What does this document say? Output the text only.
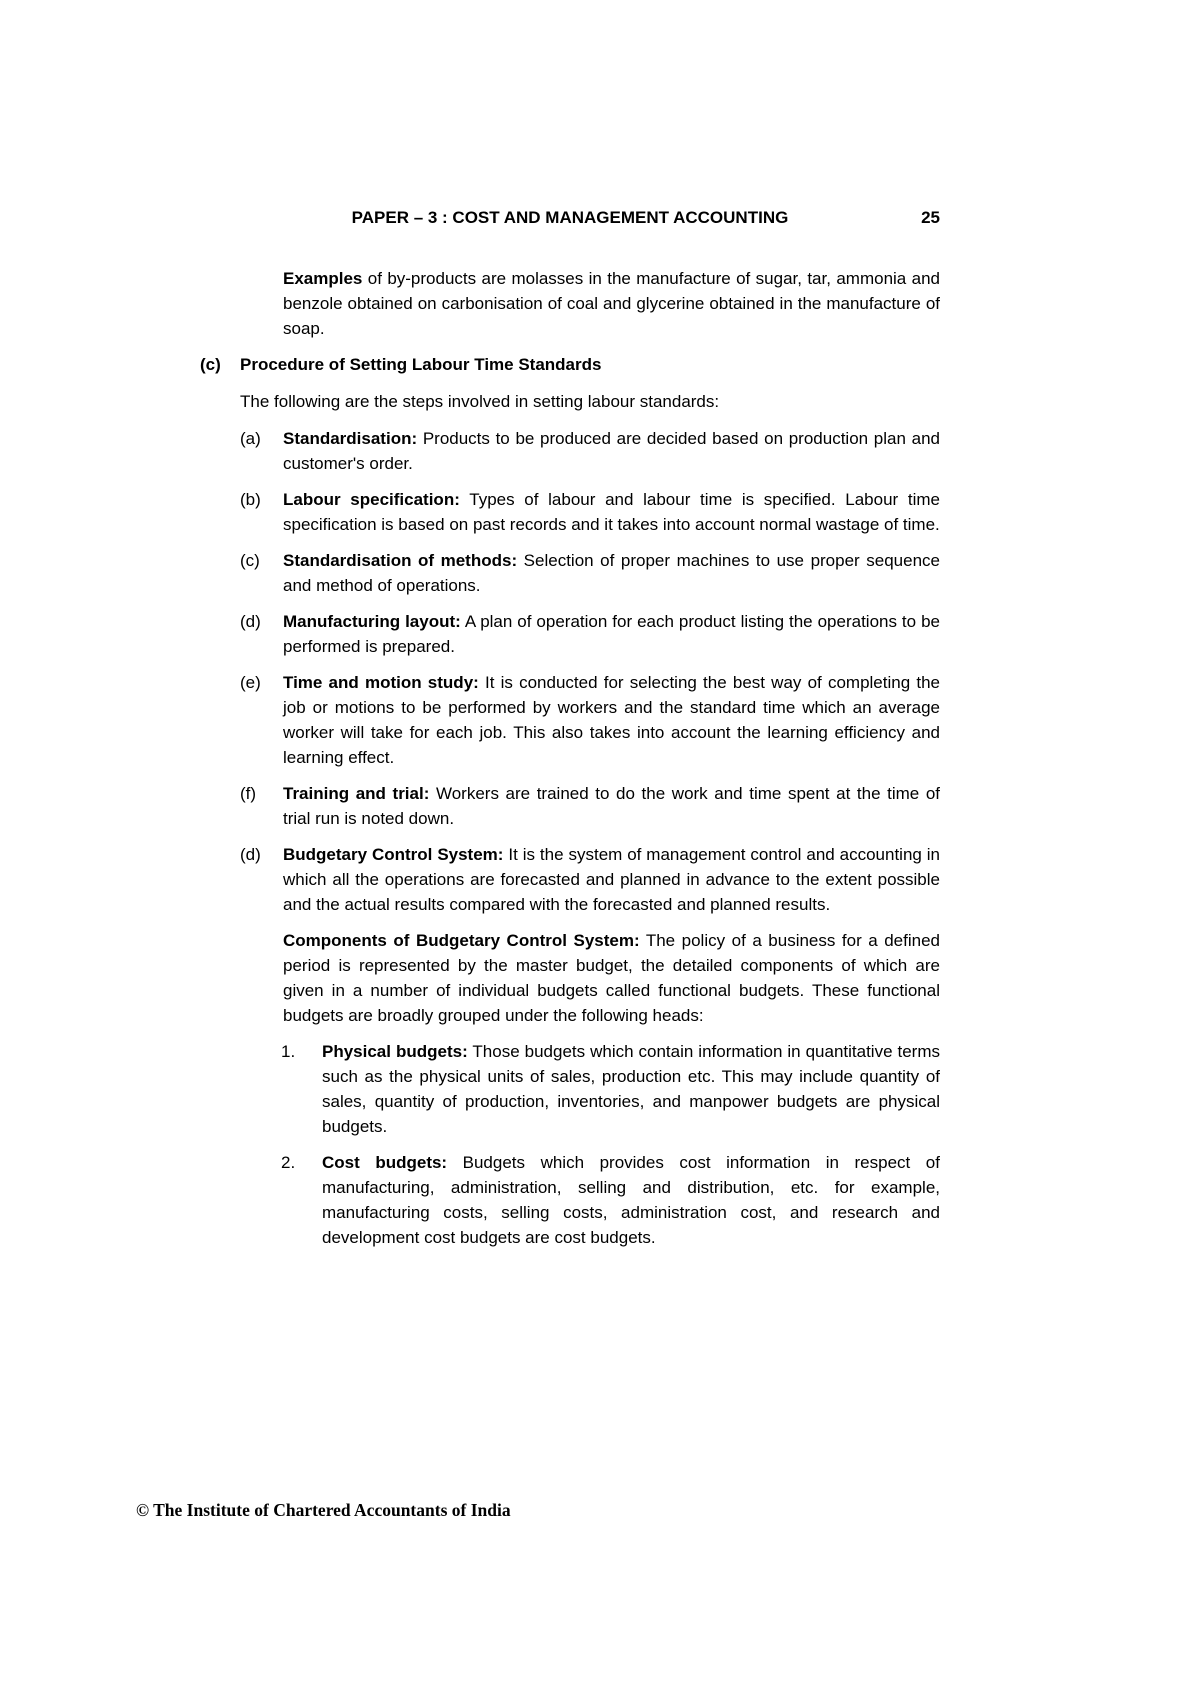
PAPER – 3 : COST AND MANAGEMENT ACCOUNTING	25

Examples of by-products are molasses in the manufacture of sugar, tar, ammonia and benzole obtained on carbonisation of coal and glycerine obtained in the manufacture of soap.

(c)	Procedure of Setting Labour Time Standards

The following are the steps involved in setting labour standards:

(a)	Standardisation: Products to be produced are decided based on production plan and customer's order.
(b)	Labour specification: Types of labour and labour time is specified. Labour time specification is based on past records and it takes into account normal wastage of time.
(c)	Standardisation of methods: Selection of proper machines to use proper sequence and method of operations.
(d)	Manufacturing layout: A plan of operation for each product listing the operations to be performed is prepared.
(e)	Time and motion study: It is conducted for selecting the best way of completing the job or motions to be performed by workers and the standard time which an average worker will take for each job. This also takes into account the learning efficiency and learning effect.
(f)	Training and trial: Workers are trained to do the work and time spent at the time of trial run is noted down.
(d)	Budgetary Control System: It is the system of management control and accounting in which all the operations are forecasted and planned in advance to the extent possible and the actual results compared with the forecasted and planned results.

Components of Budgetary Control System: The policy of a business for a defined period is represented by the master budget, the detailed components of which are given in a number of individual budgets called functional budgets. These functional budgets are broadly grouped under the following heads:

1.	Physical budgets: Those budgets which contain information in quantitative terms such as the physical units of sales, production etc. This may include quantity of sales, quantity of production, inventories, and manpower budgets are physical budgets.
2.	Cost budgets: Budgets which provides cost information in respect of manufacturing, administration, selling and distribution, etc. for example, manufacturing costs, selling costs, administration cost, and research and development cost budgets are cost budgets.
© The Institute of Chartered Accountants of India
